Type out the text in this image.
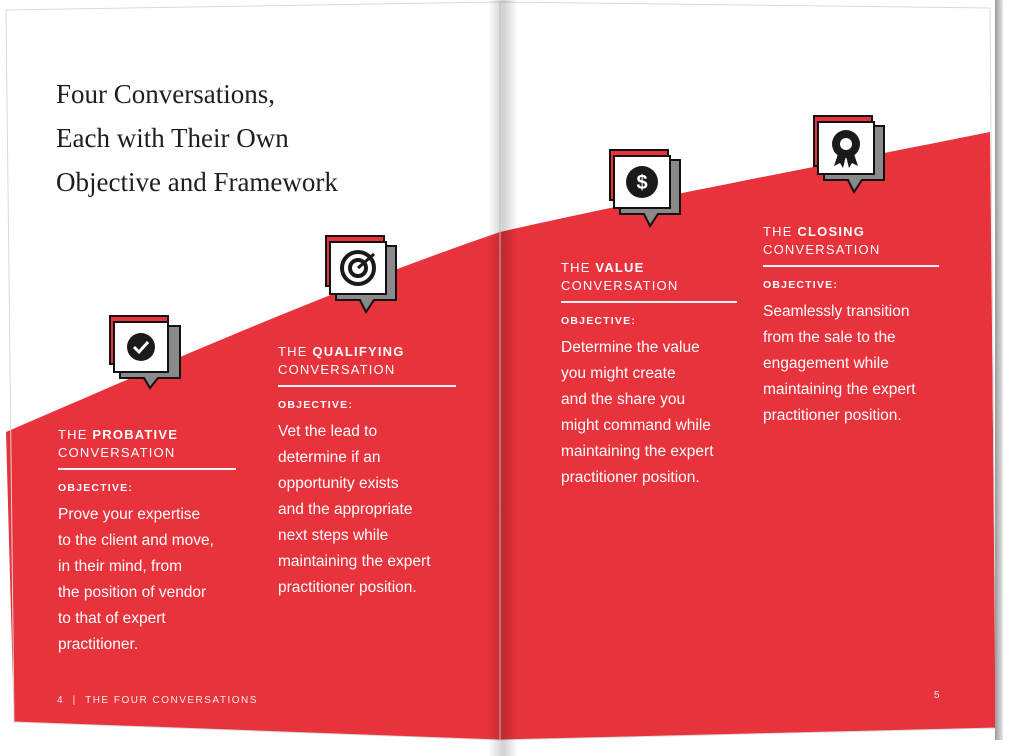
Four Conversations,
Each with Their Own
Objective and Framework	$
THE PROBATIVE
CONVERSATION
OBJECTIVE:
Prove your expertise
to the client and move,
in their mind, from
the position of vendor
to that of expert
practitioner.
THE QUALIFYING
CONVERSATION
OBJECTIVE:
Vet the lead to
determine if an
opportunity exists
and the appropriate
next steps while
maintaining the expert
practitioner position.
THE VALUE
CONVERSATION
OBJECTIVE:
Determine the value
you might create
and the share you
might command while
maintaining the expert
practitioner position.
THE CLOSING
CONVERSATION
OBJECTIVE:
Seamlessly transition
from the sale to the
engagement while
maintaining the expert
practitioner position.
4  |  THE FOUR CONVERSATIONS	5
